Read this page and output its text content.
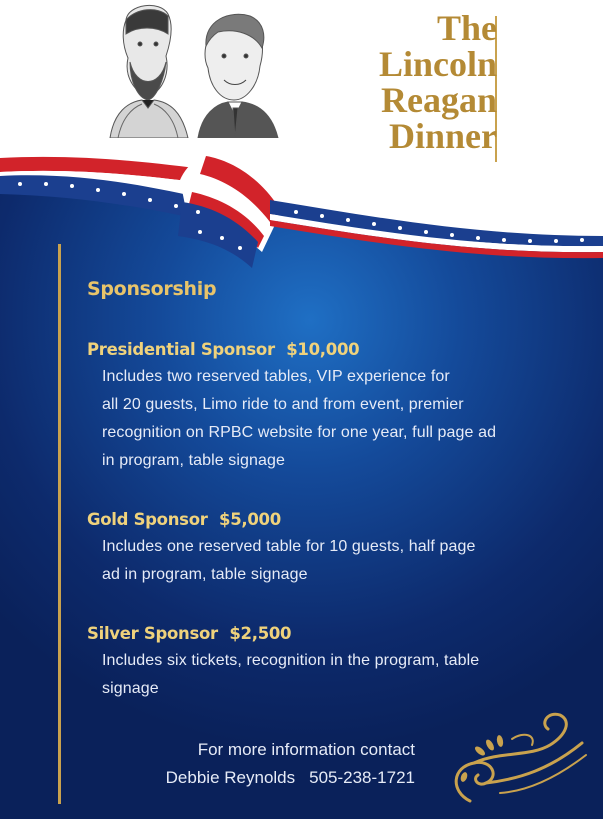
The
Lincoln
Reagan
Dinner
Sponsorship
Presidential Sponsor $10,000
Includes two reserved tables, VIP experience for
all 20 guests, Limo ride to and from event, premier
recognition on RPBC website for one year, full page ad
in program, table signage
Gold Sponsor $5,000
Includes one reserved table for 10 guests, half page
ad in program, table signage
Silver Sponsor $2,500
Includes six tickets, recognition in the program, table
signage
For more information contact
Debbie Reynolds 505-238-1721
